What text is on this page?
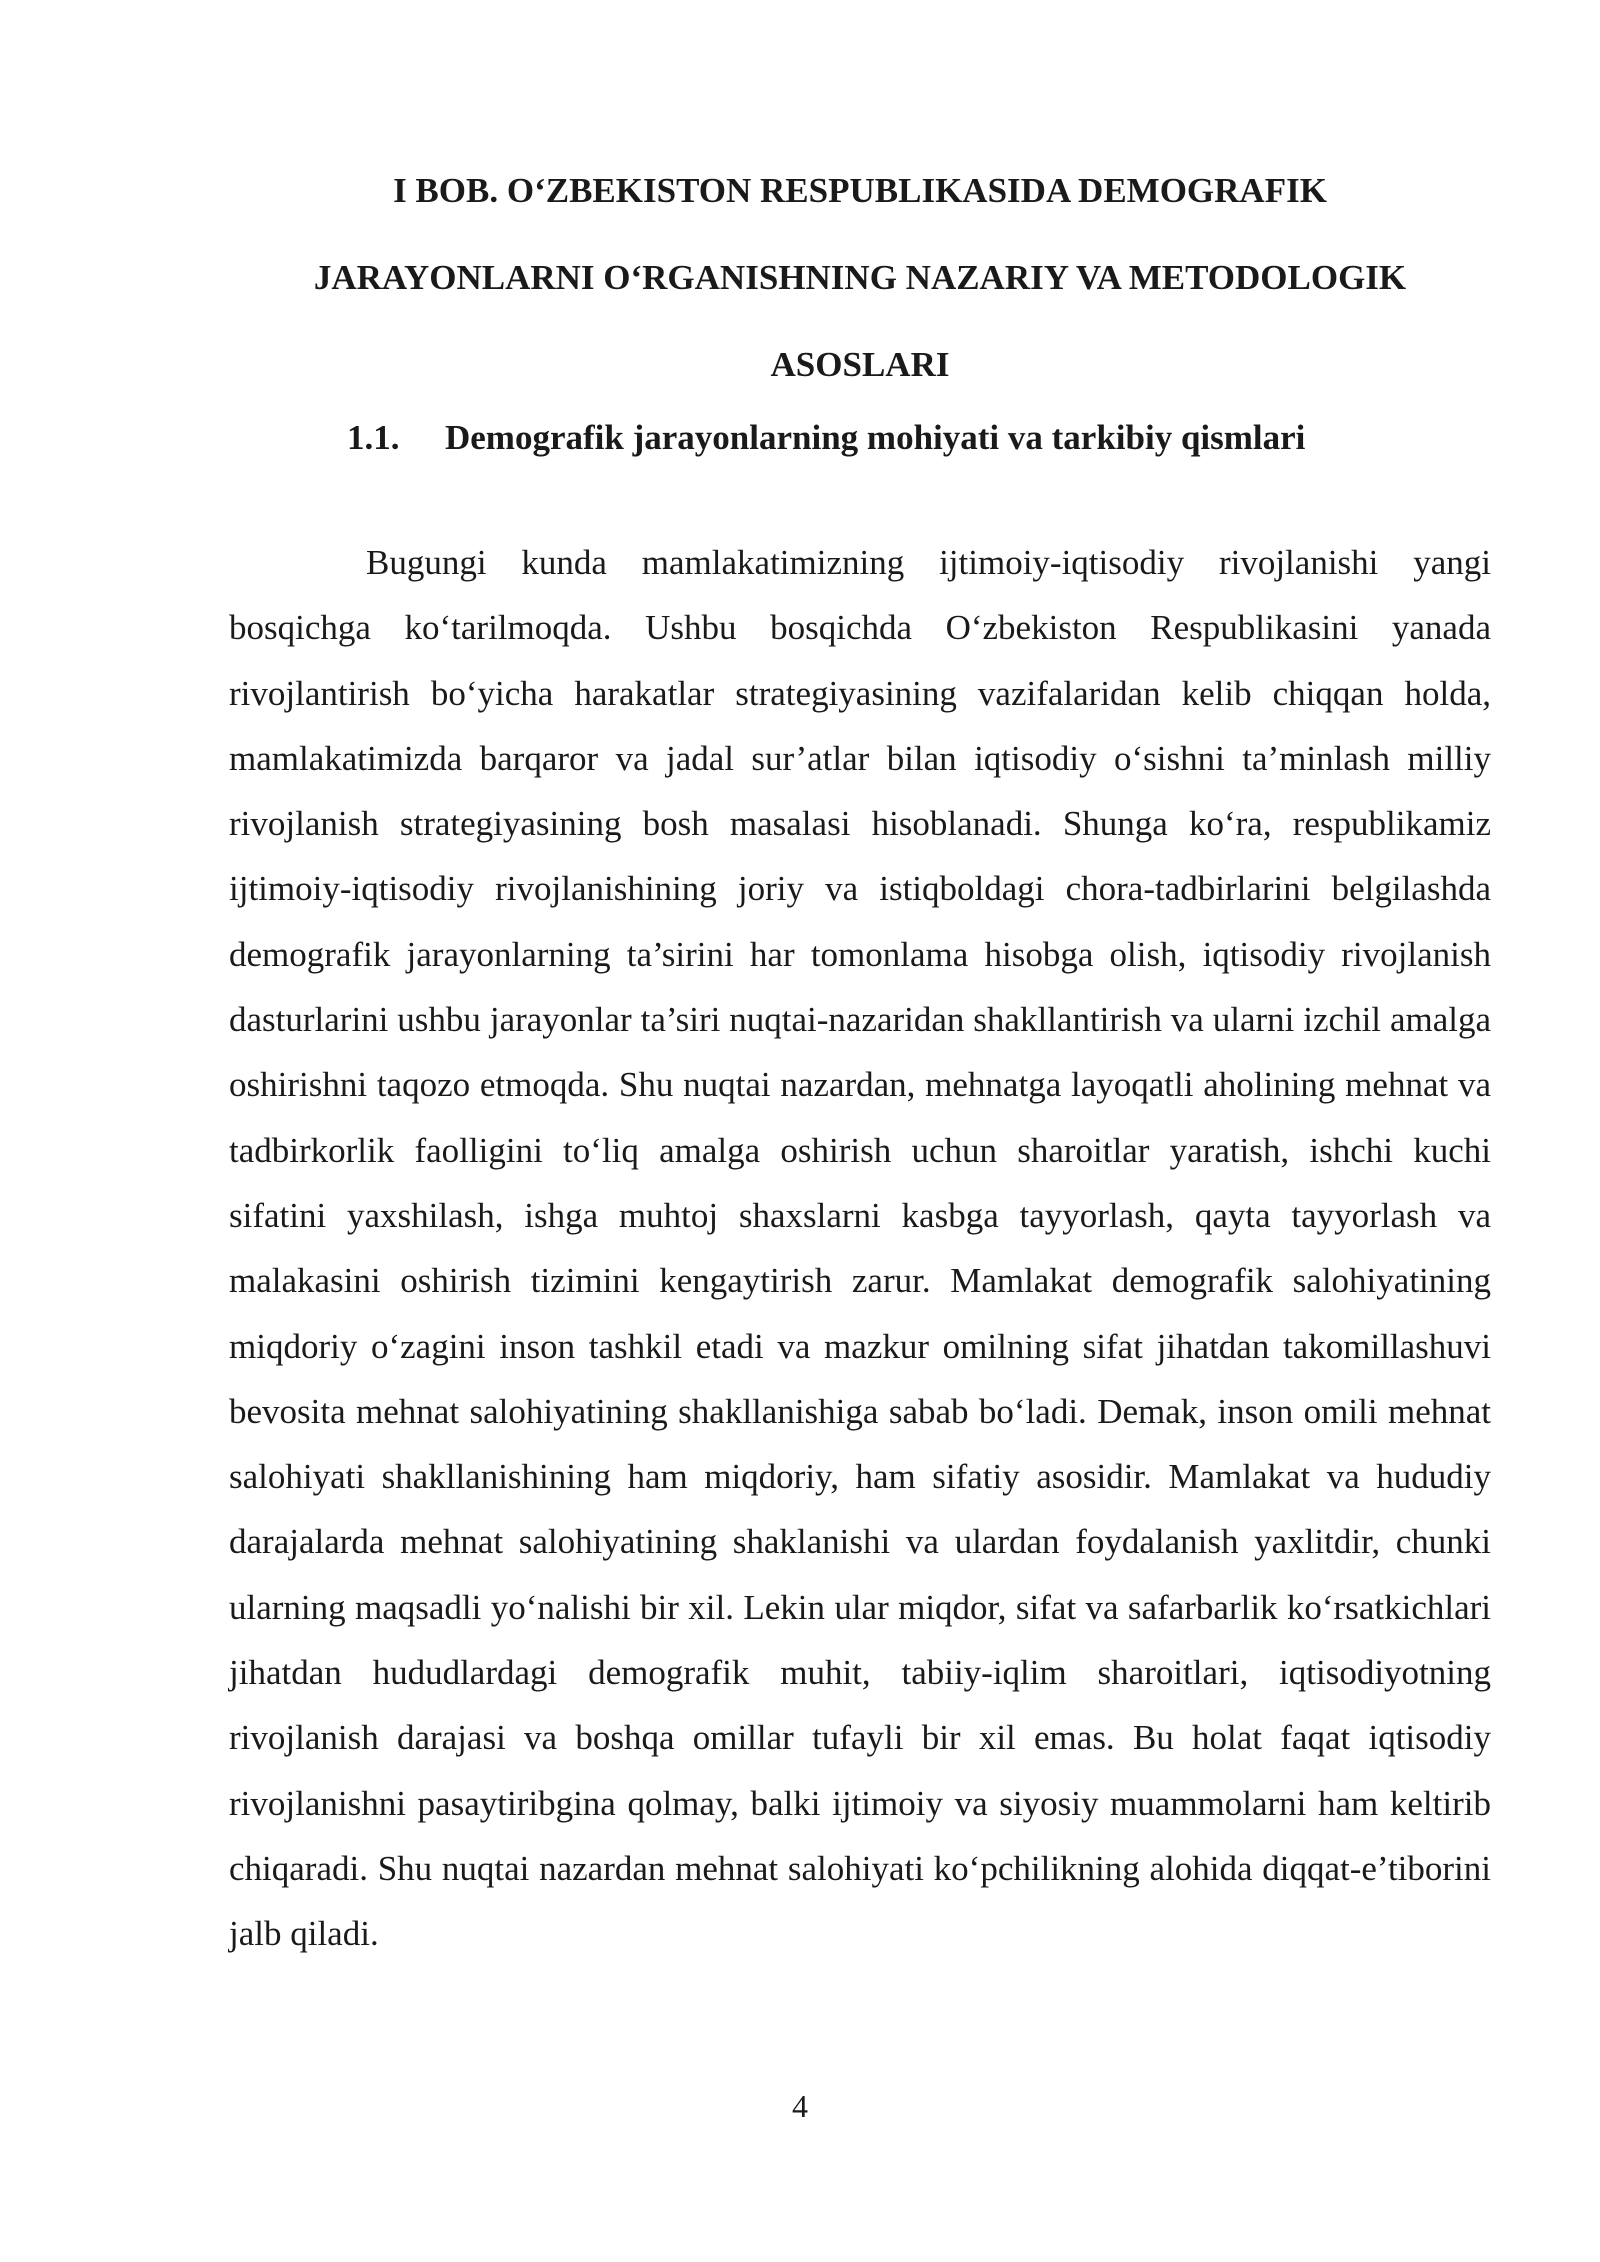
I BOB. O‘ZBEKISTON RESPUBLIKASIDA DEMOGRAFIK
JARAYONLARNI O‘RGANISHNING NAZARIY VA METODOLOGIK
ASOSLARI
1.1. Demografik jarayonlarning mohiyati va tarkibiy qismlari

Bugungi kunda mamlakatimizning ijtimoiy-iqtisodiy rivojlanishi yangi bosqichga ko‘tarilmoqda. Ushbu bosqichda O‘zbekiston Respublikasini yanada rivojlantirish bo‘yicha harakatlar strategiyasining vazifalaridan kelib chiqqan holda, mamlakatimizda barqaror va jadal sur’atlar bilan iqtisodiy o‘sishni ta’minlash milliy rivojlanish strategiyasining bosh masalasi hisoblanadi. Shunga ko‘ra, respublikamiz ijtimoiy-iqtisodiy rivojlanishining joriy va istiqboldagi chora-tadbirlarini belgilashda demografik jarayonlarning ta’sirini har tomonlama hisobga olish, iqtisodiy rivojlanish dasturlarini ushbu jarayonlar ta’siri nuqtai-nazaridan shakllantirish va ularni izchil amalga oshirishni taqozo etmoqda. Shu nuqtai nazardan, mehnatga layoqatli aholining mehnat va tadbirkorlik faolligini to‘liq amalga oshirish uchun sharoitlar yaratish, ishchi kuchi sifatini yaxshilash, ishga muhtoj shaxslarni kasbga tayyorlash, qayta tayyorlash va malakasini oshirish tizimini kengaytirish zarur. Mamlakat demografik salohiyatining miqdoriy o‘zagini inson tashkil etadi va mazkur omilning sifat jihatdan takomillashuvi bevosita mehnat salohiyatining shakllanishiga sabab bo‘ladi. Demak, inson omili mehnat salohiyati shakllanishining ham miqdoriy, ham sifatiy asosidir. Mamlakat va hududiy darajalarda mehnat salohiyatining shaklanishi va ulardan foydalanish yaxlitdir, chunki ularning maqsadli yo‘nalishi bir xil. Lekin ular miqdor, sifat va safarbarlik ko‘rsatkichlari jihatdan hududlardagi demografik muhit, tabiiy-iqlim sharoitlari, iqtisodiyotning rivojlanish darajasi va boshqa omillar tufayli bir xil emas. Bu holat faqat iqtisodiy rivojlanishni pasaytiribgina qolmay, balki ijtimoiy va siyosiy muammolarni ham keltirib chiqaradi. Shu nuqtai nazardan mehnat salohiyati ko‘pchilikning alohida diqqat-e’tiborini jalb qiladi.

4
